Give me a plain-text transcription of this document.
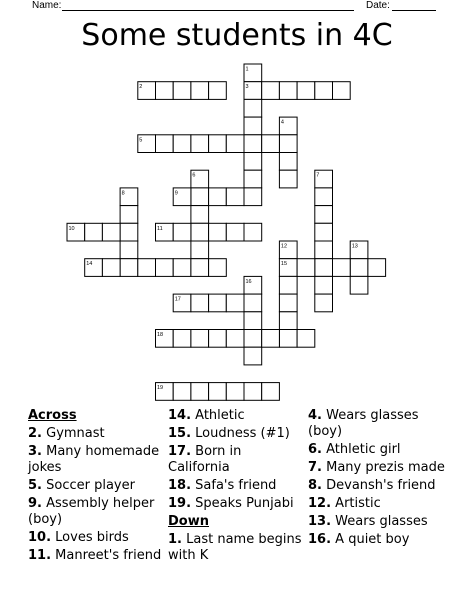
Name:	Date:
Some students in 4C
1
2	3
4
5
6	7
8	9
10	11
12	13
14	15
16
17
18
19
Across
2. Gymnast
3. Many homemade jokes
5. Soccer player
9. Assembly helper (boy)
10. Loves birds
11. Manreet's friend
14. Athletic
15. Loudness (#1)
17. Born in California
18. Safa's friend
19. Speaks Punjabi
Down
1. Last name begins with K
4. Wears glasses (boy)
6. Athletic girl
7. Many prezis made
8. Devansh's friend
12. Artistic
13. Wears glasses
16. A quiet boy
